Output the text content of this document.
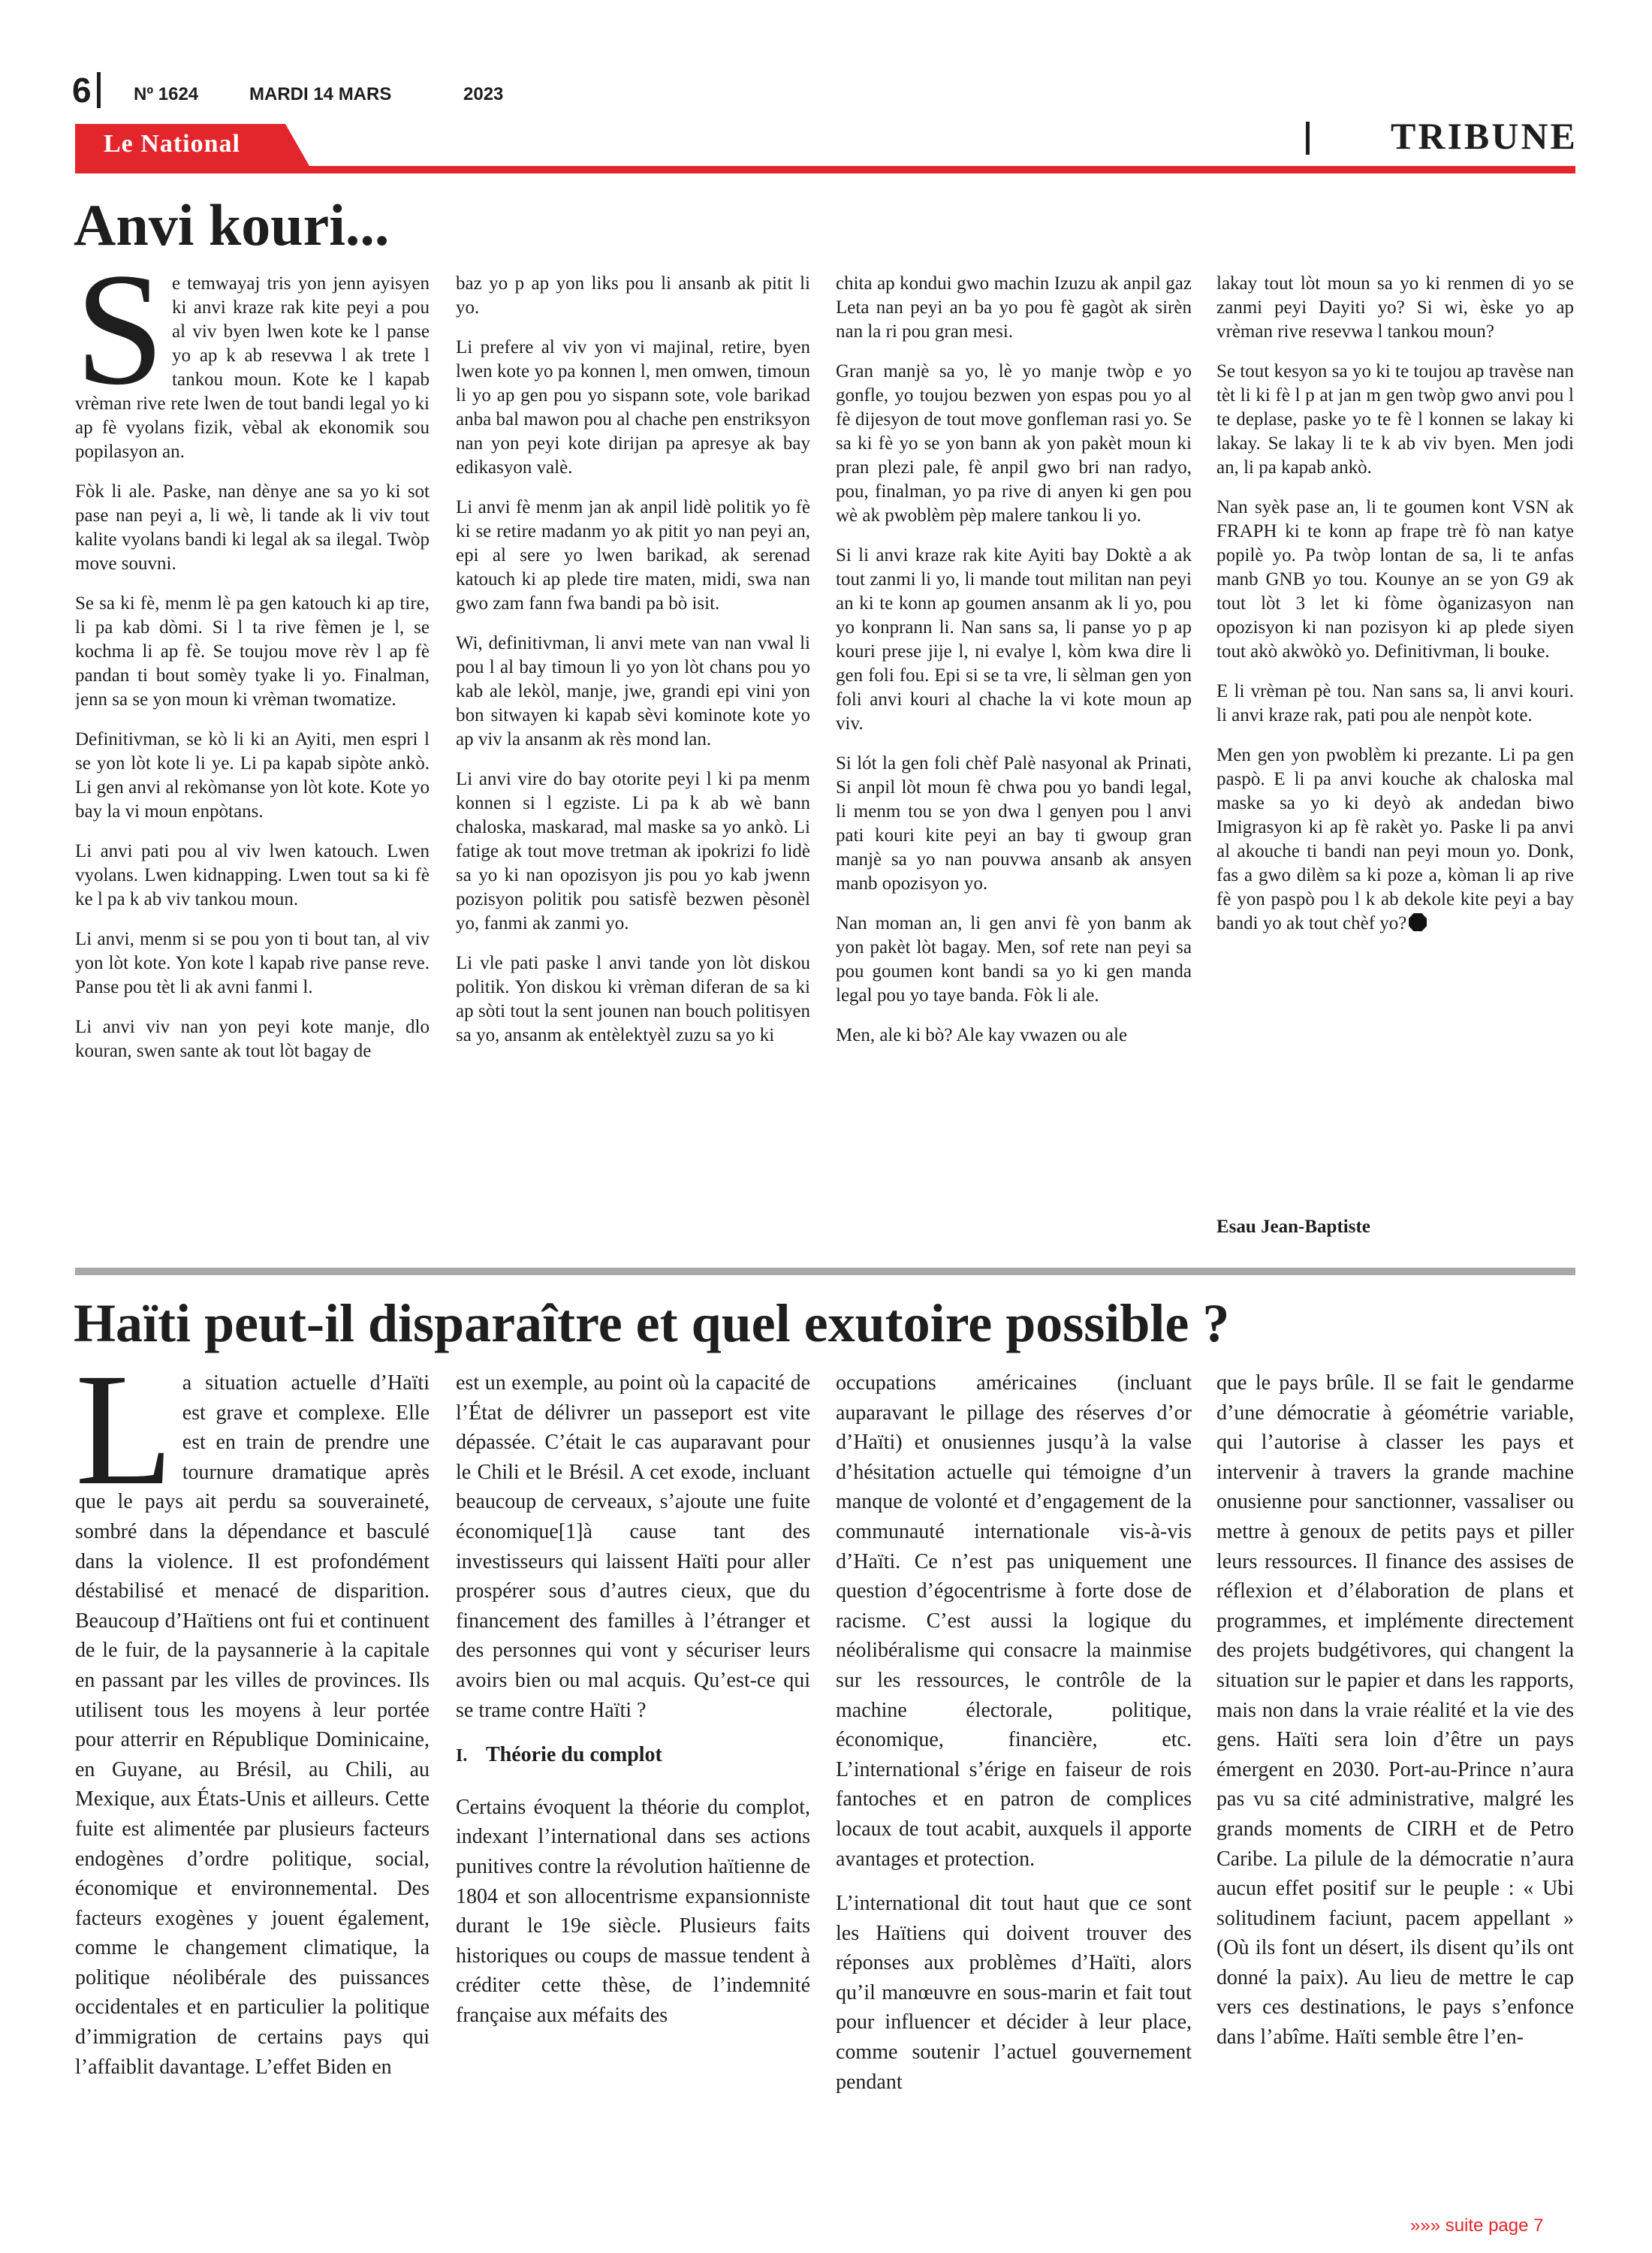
6 Nº 1624	MARDI 14 MARS	2023
Le National	TRIBUNE
Anvi kouri...

Se temwayaj tris yon jenn ayisyen ki anvi kraze rak kite peyi a pou al viv byen lwen kote ke l panse yo ap k ab resevwa l ak trete l tankou moun. Kote ke l kapab vrèman rive rete lwen de tout bandi legal yo ki ap fè vyolans fizik, vèbal ak ekonomik sou popilasyon an.

Fòk li ale. Paske, nan dènye ane sa yo ki sot pase nan peyi a, li wè, li tande ak li viv tout kalite vyolans bandi ki legal ak sa ilegal. Twòp move souvni.

Se sa ki fè, menm lè pa gen katouch ki ap tire, li pa kab dòmi. Si l ta rive fèmen je l, se kochma li ap fè. Se toujou move rèv l ap fè pandan ti bout somèy tyake li yo. Finalman, jenn sa se yon moun ki vrèman twomatize.

Definitivman, se kò li ki an Ayiti, men espri l se yon lòt kote li ye. Li pa kapab sipòte ankò. Li gen anvi al rekòmanse yon lòt kote. Kote yo bay la vi moun enpòtans.

Li anvi pati pou al viv lwen katouch. Lwen vyolans. Lwen kidnapping. Lwen tout sa ki fè ke l pa k ab viv tankou moun.

Li anvi, menm si se pou yon ti bout tan, al viv yon lòt kote. Yon kote l kapab rive panse reve. Panse pou tèt li ak avni fanmi l.

Li anvi viv nan yon peyi kote manje, dlo kouran, swen sante ak tout lòt bagay de

baz yo p ap yon liks pou li ansanb ak pitit li yo.

Li prefere al viv yon vi majinal, retire, byen lwen kote yo pa konnen l, men omwen, timoun li yo ap gen pou yo sispann sote, vole barikad anba bal mawon pou al chache pen enstriksyon nan yon peyi kote dirijan pa apresye ak bay edikasyon valè.

Li anvi fè menm jan ak anpil lidè politik yo fè ki se retire madanm yo ak pitit yo nan peyi an, epi al sere yo lwen barikad, ak serenad katouch ki ap plede tire maten, midi, swa nan gwo zam fann fwa bandi pa bò isit.

Wi, definitivman, li anvi mete van nan vwal li pou l al bay timoun li yo yon lòt chans pou yo kab ale lekòl, manje, jwe, grandi epi vini yon bon sitwayen ki kapab sèvi kominote kote yo ap viv la ansanm ak rès mond lan.

Li anvi vire do bay otorite peyi l ki pa menm konnen si l egziste. Li pa k ab wè bann chaloska, maskarad, mal maske sa yo ankò. Li fatige ak tout move tretman ak ipokrizi fo lidè sa yo ki nan opozisyon jis pou yo kab jwenn pozisyon politik pou satisfè bezwen pèsonèl yo, fanmi ak zanmi yo.

Li vle pati paske l anvi tande yon lòt diskou politik. Yon diskou ki vrèman diferan de sa ki ap sòti tout la sent jounen nan bouch politisyen sa yo, ansanm ak entèlektyèl zuzu sa yo ki

chita ap kondui gwo machin Izuzu ak anpil gaz Leta nan peyi an ba yo pou fè gagòt ak sirèn nan la ri pou gran mesi.

Gran manjè sa yo, lè yo manje twòp e yo gonfle, yo toujou bezwen yon espas pou yo al fè dijesyon de tout move gonfleman rasi yo. Se sa ki fè yo se yon bann ak yon pakèt moun ki pran plezi pale, fè anpil gwo bri nan radyo, pou, finalman, yo pa rive di anyen ki gen pou wè ak pwoblèm pèp malere tankou li yo.

Si li anvi kraze rak kite Ayiti bay Doktè a ak tout zanmi li yo, li mande tout militan nan peyi an ki te konn ap goumen ansanm ak li yo, pou yo konprann li. Nan sans sa, li panse yo p ap kouri prese jije l, ni evalye l, kòm kwa dire li gen foli fou. Epi si se ta vre, li sèlman gen yon foli anvi kouri al chache la vi kote moun ap viv.

Si lót la gen foli chèf Palè nasyonal ak Prinati, Si anpil lòt moun fè chwa pou yo bandi legal, li menm tou se yon dwa l genyen pou l anvi pati kouri kite peyi an bay ti gwoup gran manjè sa yo nan pouvwa ansanb ak ansyen manb opozisyon yo.

Nan moman an, li gen anvi fè yon banm ak yon pakèt lòt bagay. Men, sof rete nan peyi sa pou goumen kont bandi sa yo ki gen manda legal pou yo taye banda. Fòk li ale.

Men, ale ki bò? Ale kay vwazen ou ale

lakay tout lòt moun sa yo ki renmen di yo se zanmi peyi Dayiti yo? Si wi, èske yo ap vrèman rive resevwa l tankou moun?

Se tout kesyon sa yo ki te toujou ap travèse nan tèt li ki fè l p at jan m gen twòp gwo anvi pou l te deplase, paske yo te fè l konnen se lakay ki lakay. Se lakay li te k ab viv byen. Men jodi an, li pa kapab ankò.

Nan syèk pase an, li te goumen kont VSN ak FRAPH ki te konn ap frape trè fò nan katye popilè yo. Pa twòp lontan de sa, li te anfas manb GNB yo tou. Kounye an se yon G9 ak tout lòt 3 let ki fòme òganizasyon nan opozisyon ki nan pozisyon ki ap plede siyen tout akò akwòkò yo. Definitivman, li bouke.

E li vrèman pè tou. Nan sans sa, li anvi kouri. li anvi kraze rak, pati pou ale nenpòt kote.

Men gen yon pwoblèm ki prezante. Li pa gen paspò. E li pa anvi kouche ak chaloska mal maske sa yo ki deyò ak andedan biwo Imigrasyon ki ap fè rakèt yo. Paske li pa anvi al akouche ti bandi nan peyi moun yo. Donk, fas a gwo dilèm sa ki poze a, kòman li ap rive fè yon paspò pou l k ab dekole kite peyi a bay bandi yo ak tout chèf yo?

Esau Jean-Baptiste
Haïti peut-il disparaître et quel exutoire possible ?

La situation actuelle d’Haïti est grave et complexe. Elle est en train de prendre une tournure dramatique après que le pays ait perdu sa souveraineté, sombré dans la dépendance et basculé dans la violence. Il est profondément déstabilisé et menacé de disparition. Beaucoup d’Haïtiens ont fui et continuent de le fuir, de la paysannerie à la capitale en passant par les villes de provinces. Ils utilisent tous les moyens à leur portée pour atterrir en République Dominicaine, en Guyane, au Brésil, au Chili, au Mexique, aux États-Unis et ailleurs. Cette fuite est alimentée par plusieurs facteurs endogènes d’ordre politique, social, économique et environnemental. Des facteurs exogènes y jouent également, comme le changement climatique, la politique néolibérale des puissances occidentales et en particulier la politique d’immigration de certains pays qui l’affaiblit davantage. L’effet Biden en

est un exemple, au point où la capacité de l’État de délivrer un passeport est vite dépassée. C’était le cas auparavant pour le Chili et le Brésil. A cet exode, incluant beaucoup de cerveaux, s’ajoute une fuite économique[1]à cause tant des investisseurs qui laissent Haïti pour aller prospérer sous d’autres cieux, que du financement des familles à l’étranger et des personnes qui vont y sécuriser leurs avoirs bien ou mal acquis. Qu’est-ce qui se trame contre Haïti ?

I. Théorie du complot

Certains évoquent la théorie du complot, indexant l’international dans ses actions punitives contre la révolution haïtienne de 1804 et son allocentrisme expansionniste durant le 19e siècle. Plusieurs faits historiques ou coups de massue tendent à créditer cette thèse, de l’indemnité française aux méfaits des

occupations américaines (incluant auparavant le pillage des réserves d’or d’Haïti) et onusiennes jusqu’à la valse d’hésitation actuelle qui témoigne d’un manque de volonté et d’engagement de la communauté internationale vis-à-vis d’Haïti. Ce n’est pas uniquement une question d’égocentrisme à forte dose de racisme. C’est aussi la logique du néolibéralisme qui consacre la mainmise sur les ressources, le contrôle de la machine électorale, politique, économique, financière, etc. L’international s’érige en faiseur de rois fantoches et en patron de complices locaux de tout acabit, auxquels il apporte avantages et protection.

L’international dit tout haut que ce sont les Haïtiens qui doivent trouver des réponses aux problèmes d’Haïti, alors qu’il manœuvre en sous-marin et fait tout pour influencer et décider à leur place, comme soutenir l’actuel gouvernement pendant

que le pays brûle. Il se fait le gendarme d’une démocratie à géométrie variable, qui l’autorise à classer les pays et intervenir à travers la grande machine onusienne pour sanctionner, vassaliser ou mettre à genoux de petits pays et piller leurs ressources. Il finance des assises de réflexion et d’élaboration de plans et programmes, et implémente directement des projets budgétivores, qui changent la situation sur le papier et dans les rapports, mais non dans la vraie réalité et la vie des gens. Haïti sera loin d’être un pays émergent en 2030. Port-au-Prince n’aura pas vu sa cité administrative, malgré les grands moments de CIRH et de Petro Caribe. La pilule de la démocratie n’aura aucun effet positif sur le peuple : « Ubi solitudinem faciunt, pacem appellant » (Où ils font un désert, ils disent qu’ils ont donné la paix). Au lieu de mettre le cap vers ces destinations, le pays s’enfonce dans l’abîme. Haïti semble être l’en-

»»» suite page 7
